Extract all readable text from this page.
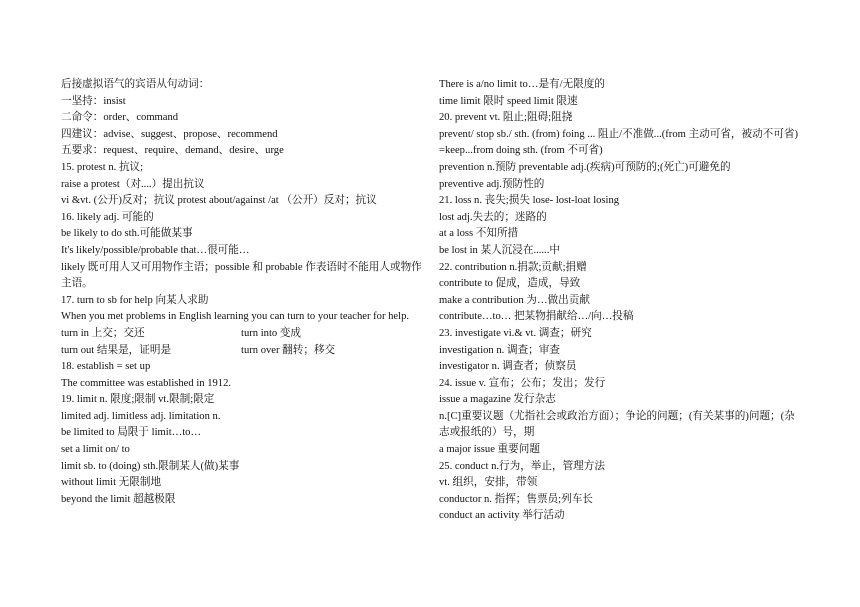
后接虚拟语气的宾语从句动词：
一坚持：insist
二命令：order、command
四建议：advise、suggest、propose、recommend
五要求：request、require、demand、desire、urge
15. protest n. 抗议;
raise a protest（对....）提出抗议
vi &vt. (公开)反对；抗议 protest about/against /at （公开）反对；抗议
16. likely adj. 可能的
be likely to do sth.可能做某事
It's likely/possible/probable that…很可能…
likely 既可用人又可用物作主语；possible 和 probable 作表语时不能用人或物作主语。
17. turn to sb for help 向某人求助
When you met problems in English learning you can turn to your teacher for help.
turn in 上交；交还	turn into 变成
turn out 结果是，证明是	turn over 翻转；移交
18. establish = set up
The committee was established in 1912.
19. limit n. 限度;限制 vt.限制;限定
limited adj. limitless adj. limitation n.
be limited to 局限于 limit…to…
set a limit on/ to
limit sb. to (doing) sth.限制某人(做)某事
without limit 无限制地
beyond the limit 超越极限
There is a/no limit to…是有/无限度的
time limit 限时 speed limit 限速
20. prevent vt. 阻止;阻碍;阻挠
prevent/ stop sb./ sth. (from) foing ... 阻止/不准做...(from 主动可省，被动不可省) =keep...from doing sth. (from 不可省)
prevention n.预防 preventable adj.(疾病)可预防的;(死亡)可避免的
preventive adj.预防性的
21. loss n. 丧失;损失 lose- lost-loat losing
lost adj.失去的；迷路的
at a loss 不知所措
be lost in 某人沉浸在......中
22. contribution n.捐款;贡献;捐赠
contribute to 促成，造成，导致
make a contribution 为…做出贡献
contribute…to… 把某物捐献给…/向…投稿
23. investigate vi.& vt. 调查；研究
investigation n. 调查；审查
investigator n. 调查者；侦察员
24. issue v. 宣布；公布；发出；发行
issue a magazine 发行杂志
n.[C]重要议题（尤指社会或政治方面）；争论的问题；(有关某事的)问题；(杂志或报纸的）号，期
a major issue 重要问题
25. conduct n.行为，举止，管理方法
vt. 组织，安排，带领
conductor n. 指挥；售票员;列车长
conduct an activity 举行活动
